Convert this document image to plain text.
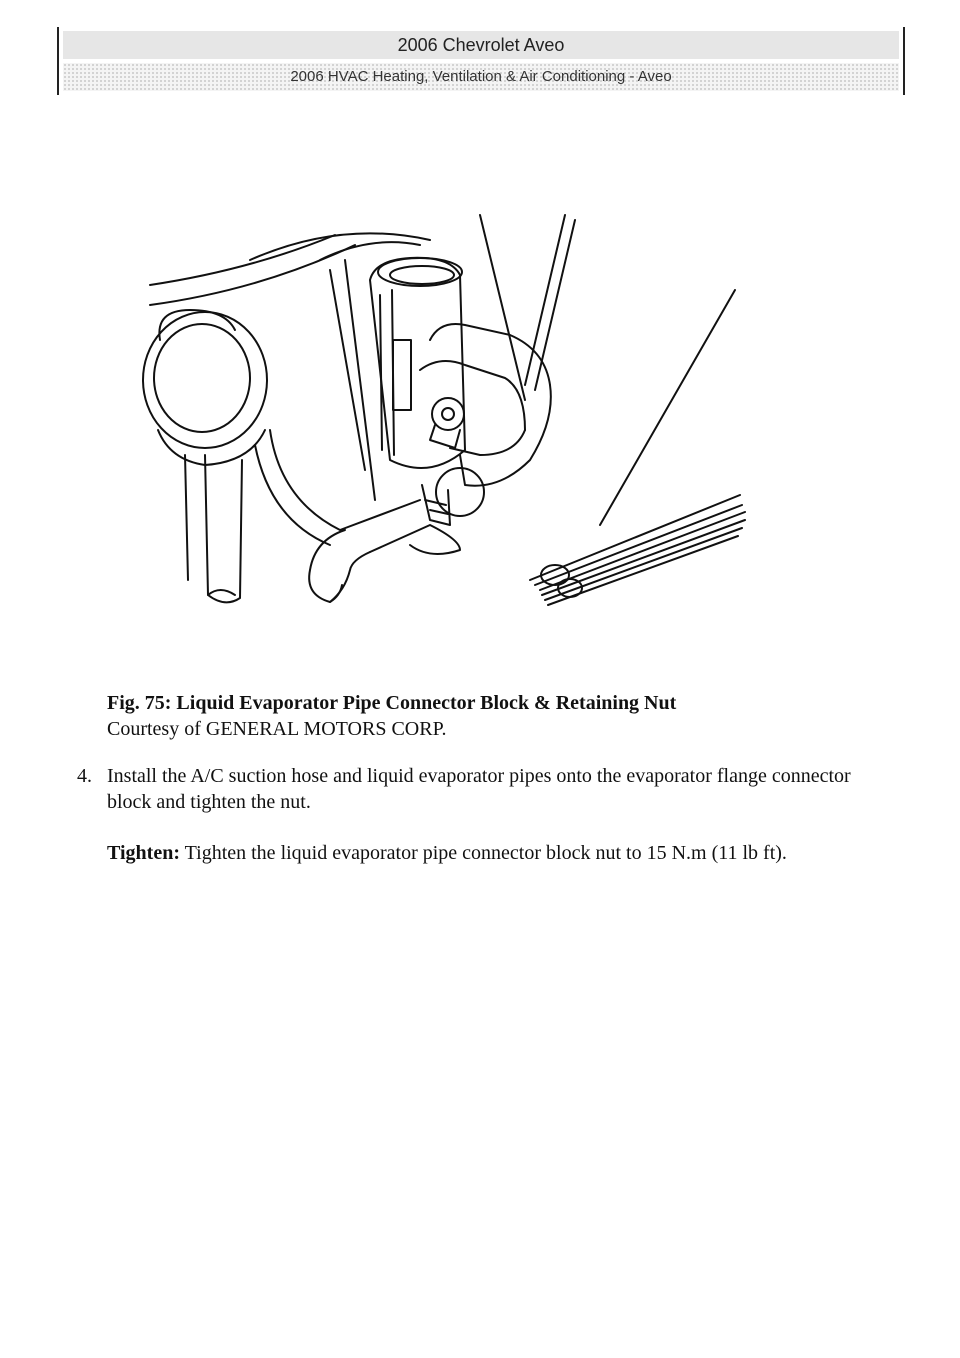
2006 Chevrolet Aveo
2006 HVAC Heating, Ventilation & Air Conditioning - Aveo
Fig. 75: Liquid Evaporator Pipe Connector Block & Retaining Nut
Courtesy of GENERAL MOTORS CORP.
4. Install the A/C suction hose and liquid evaporator pipes onto the evaporator flange connector block and tighten the nut.
Tighten: Tighten the liquid evaporator pipe connector block nut to 15 N.m (11 lb ft).
